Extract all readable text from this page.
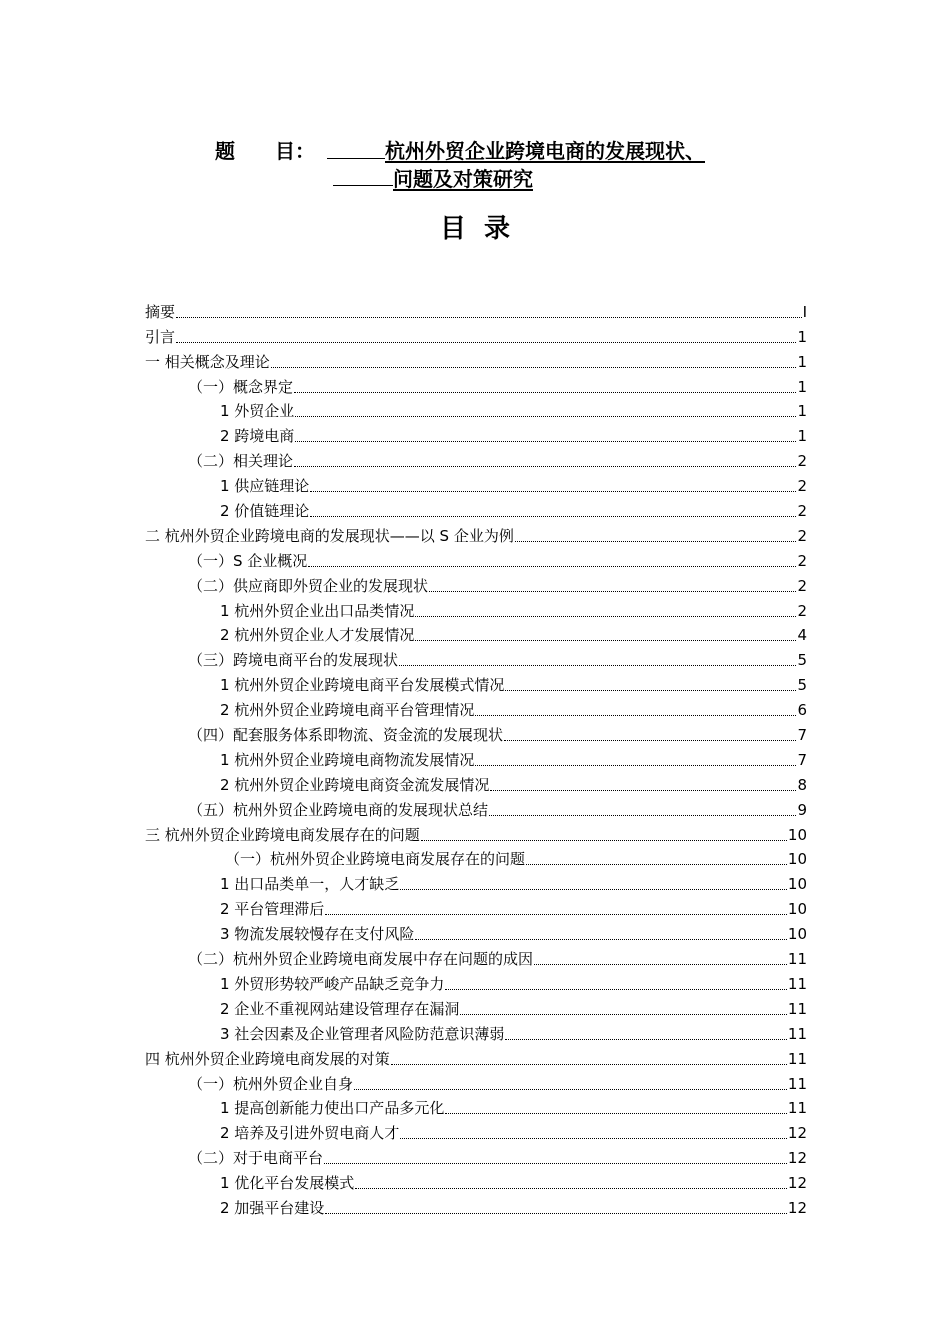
题　　目：	杭州外贸企业跨境电商的发展现状、
问题及对策研究
目录
摘要	I
引言	1
一 相关概念及理论	1
（一）概念界定	1
1 外贸企业	1
2 跨境电商	1
（二）相关理论	2
1 供应链理论	2
2 价值链理论	2
二 杭州外贸企业跨境电商的发展现状——以 S 企业为例	2
（一）S 企业概况	2
（二）供应商即外贸企业的发展现状	2
1 杭州外贸企业出口品类情况	2
2 杭州外贸企业人才发展情况	4
（三）跨境电商平台的发展现状	5
1 杭州外贸企业跨境电商平台发展模式情况	5
2 杭州外贸企业跨境电商平台管理情况	6
（四）配套服务体系即物流、资金流的发展现状	7
1 杭州外贸企业跨境电商物流发展情况	7
2 杭州外贸企业跨境电商资金流发展情况	8
（五）杭州外贸企业跨境电商的发展现状总结	9
三 杭州外贸企业跨境电商发展存在的问题	10
（一）杭州外贸企业跨境电商发展存在的问题	10
1 出口品类单一，人才缺乏	10
2 平台管理滞后	10
3 物流发展较慢存在支付风险	10
（二）杭州外贸企业跨境电商发展中存在问题的成因	11
1 外贸形势较严峻产品缺乏竞争力	11
2 企业不重视网站建设管理存在漏洞	11
3 社会因素及企业管理者风险防范意识薄弱	11
四 杭州外贸企业跨境电商发展的对策	11
（一）杭州外贸企业自身	11
1 提高创新能力使出口产品多元化	11
2 培养及引进外贸电商人才	12
（二）对于电商平台	12
1 优化平台发展模式	12
2 加强平台建设	12
